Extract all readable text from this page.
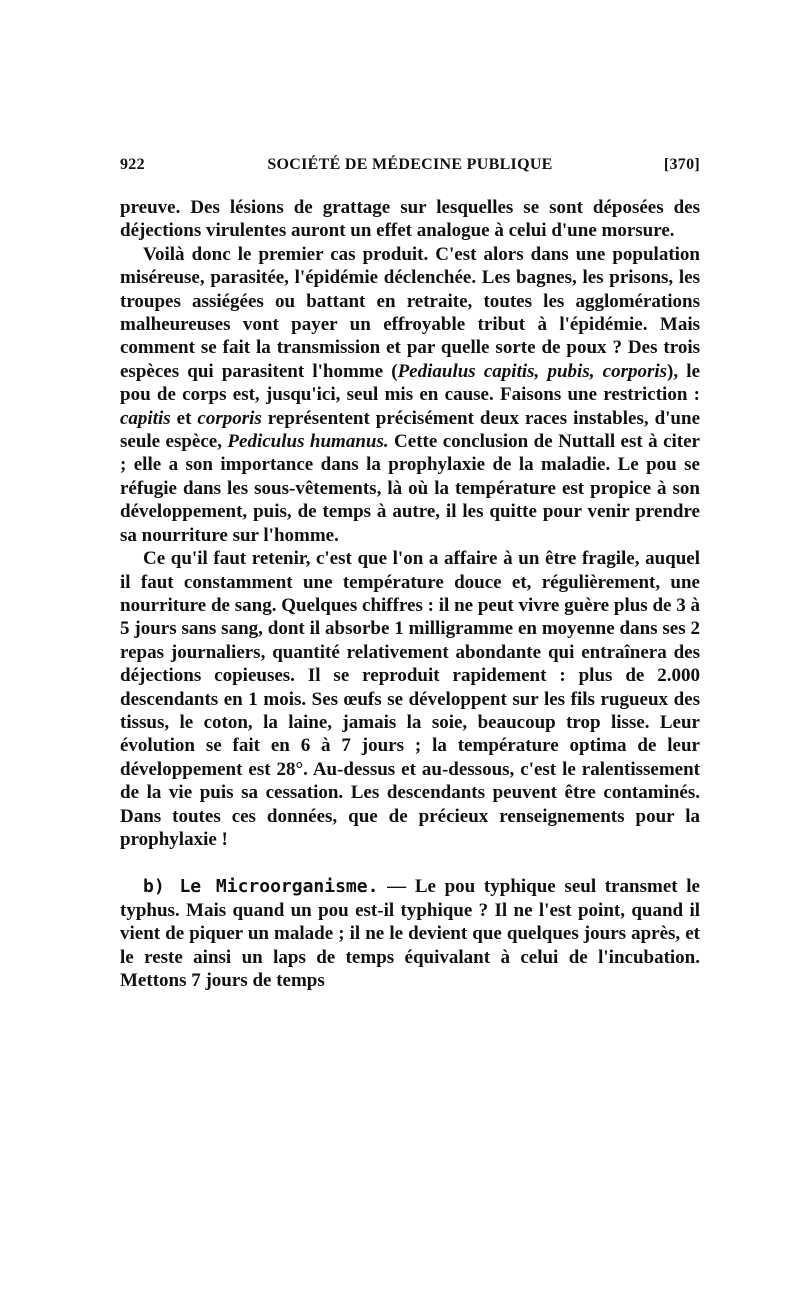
922	SOCIÉTÉ DE MÉDECINE PUBLIQUE	[370]

preuve. Des lésions de grattage sur lesquelles se sont déposées des déjections virulentes auront un effet analogue à celui d'une morsure.

Voilà donc le premier cas produit. C'est alors dans une population miséreuse, parasitée, l'épidémie déclenchée. Les bagnes, les prisons, les troupes assiégées ou battant en retraite, toutes les agglomérations malheureuses vont payer un effroyable tribut à l'épidémie. Mais comment se fait la transmission et par quelle sorte de poux ? Des trois espèces qui parasitent l'homme (Pediaulus capitis, pubis, corporis), le pou de corps est, jusqu'ici, seul mis en cause. Faisons une restriction : capitis et corporis représentent précisément deux races instables, d'une seule espèce, Pediculus humanus. Cette conclusion de Nuttall est à citer ; elle a son importance dans la prophylaxie de la maladie. Le pou se réfugie dans les sous-vêtements, là où la température est propice à son développement, puis, de temps à autre, il les quitte pour venir prendre sa nourriture sur l'homme.

Ce qu'il faut retenir, c'est que l'on a affaire à un être fragile, auquel il faut constamment une température douce et, régulièrement, une nourriture de sang. Quelques chiffres : il ne peut vivre guère plus de 3 à 5 jours sans sang, dont il absorbe 1 milligramme en moyenne dans ses 2 repas journaliers, quantité relativement abondante qui entraînera des déjections copieuses. Il se reproduit rapidement : plus de 2.000 descendants en 1 mois. Ses œufs se développent sur les fils rugueux des tissus, le coton, la laine, jamais la soie, beaucoup trop lisse. Leur évolution se fait en 6 à 7 jours ; la température optima de leur développement est 28°. Au-dessus et au-dessous, c'est le ralentissement de la vie puis sa cessation. Les descendants peuvent être contaminés. Dans toutes ces données, que de précieux renseignements pour la prophylaxie !

b) Le Microorganisme. — Le pou typhique seul transmet le typhus. Mais quand un pou est-il typhique ? Il ne l'est point, quand il vient de piquer un malade ; il ne le devient que quelques jours après, et le reste ainsi un laps de temps équivalant à celui de l'incubation. Mettons 7 jours de temps
